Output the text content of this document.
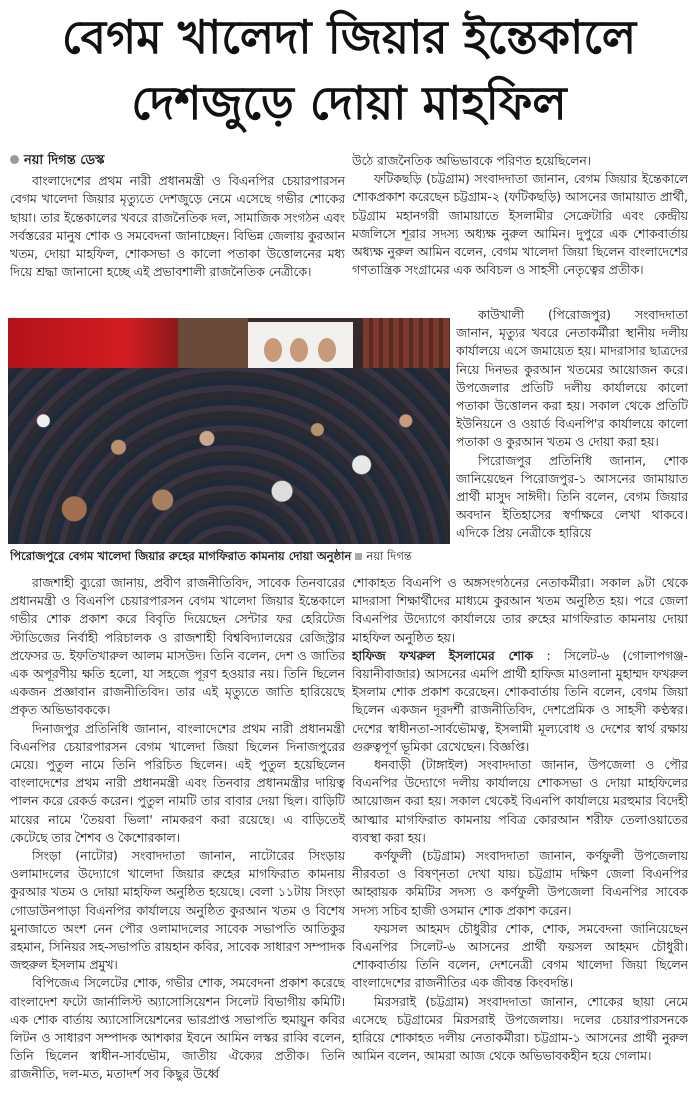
বেগম খালেদা জিয়ার ইন্তেকালে
দেশজুড়ে দোয়া মাহফিল
নয়া দিগন্ত ডেস্ক

বাংলাদেশের প্রথম নারী প্রধানমন্ত্রী ও বিএনপির চেয়ারপারসন বেগম খালেদা জিয়ার মৃত্যুতে দেশজুড়ে নেমে এসেছে গভীর শোকের ছায়া। তার ইন্তেকালের খবরে রাজনৈতিক দল, সামাজিক সংগঠন এবং সর্বস্তরের মানুষ শোক ও সমবেদনা জানাচ্ছেন। বিভিন্ন জেলায় কুরআন খতম, দোয়া মাহফিল, শোকসভা ও কালো পতাকা উত্তোলনের মধ্য দিয়ে শ্রদ্ধা জানানো হচ্ছে এই প্রভাবশালী রাজনৈতিক নেত্রীকে।

উঠে রাজনৈতিক অভিভাবকে পরিণত হয়েছিলেন।

ফটিকছড়ি (চট্টগ্রাম) সংবাদদাতা জানান, বেগম জিয়ার ইন্তেকালে শোকপ্রকাশ করেছেন চট্টগ্রাম-২ (ফটিকছড়ি) আসনের জামায়াত প্রার্থী, চট্টগ্রাম মহানগরী জামায়াতে ইসলামীর সেক্রেটারি এবং কেন্দ্রীয় মজলিসে শূরার সদস্য অধ্যক্ষ নুরুল আমিন। দুপুরে এক শোকবার্তায় অধ্যক্ষ নুরুল আমিন বলেন, বেগম খালেদা জিয়া ছিলেন বাংলাদেশের গণতান্ত্রিক সংগ্রামের এক অবিচল ও সাহসী নেতৃত্বের প্রতীক।

পিরোজপুরে বেগম খালেদা জিয়ার রুহের মাগফিরাত কামনায় দোয়া অনুষ্ঠান নয়া দিগন্ত

কাউখালী (পিরোজপুর) সংবাদদাতা জানান, মৃত্যুর খবরে নেতাকর্মীরা স্থানীয় দলীয় কার্যালয়ে এসে জমায়েত হয়। মাদরাসার ছাত্রদের নিয়ে দিনভর কুরআন খতমের আয়োজন করে। উপজেলার প্রতিটি দলীয় কার্যালয়ে কালো পতাকা উত্তোলন করা হয়। সকাল থেকে প্রতিটি ইউনিয়নে ও ওয়ার্ড বিএনপি'র কার্যালয়ে কালো পতাকা ও কুরআন খতম ও দোয়া করা হয়।

পিরোজপুর প্রতিনিধি জানান, শোক জানিয়েছেন পিরোজপুর-১ আসনের জামায়াত প্রার্থী মাসুদ সাঈদী। তিনি বলেন, বেগম জিয়ার অবদান ইতিহাসের স্বর্ণাক্ষরে লেখা থাকবে। এদিকে প্রিয় নেত্রীকে হারিয়ে

রাজশাহী ব্যুরো জানায়, প্রবীণ রাজনীতিবিদ, সাবেক তিনবারের প্রধানমন্ত্রী ও বিএনপি চেয়ারপারসন বেগম খালেদা জিয়ার ইন্তেকালে গভীর শোক প্রকাশ করে বিবৃতি দিয়েছেন সেন্টার ফর হেরিটেজ স্টাডিজের নির্বাহী পরিচালক ও রাজশাহী বিশ্ববিদ্যালয়ের রেজিস্ট্রার প্রফেসর ড. ইফতিখারুল আলম মাসউদ। তিনি বলেন, দেশ ও জাতির এক অপূরণীয় ক্ষতি হলো, যা সহজে পূরণ হওয়ার নয়। তিনি ছিলেন একজন প্রজ্ঞাবান রাজনীতিবিদ। তার এই মৃত্যুতে জাতি হারিয়েছে প্রকৃত অভিভাবককে।

দিনাজপুর প্রতিনিধি জানান, বাংলাদেশের প্রথম নারী প্রধানমন্ত্রী বিএনপির চেয়ারপারসন বেগম খালেদা জিয়া ছিলেন দিনাজপুরের মেয়ে। পুতুল নামে তিনি পরিচিত ছিলেন। এই পুতুল হয়েছিলেন বাংলাদেশের প্রথম নারী প্রধানমন্ত্রী এবং তিনবার প্রধানমন্ত্রীর দায়িত্ব পালন করে রেকর্ড করেন। পুতুল নামটি তার বাবার দেয়া ছিল। বাড়িটি মায়ের নামে 'তৈয়বা ভিলা' নামকরণ করা রয়েছে। এ বাড়িতেই কেটেছে তার শৈশব ও কৈশোরকাল।

সিংড়া (নাটোর) সংবাদদাতা জানান, নাটোরের সিংড়ায় ওলামাদলের উদ্যোগে খালেদা জিয়ার রুহের মাগফিরাত কামনায় কুরআর খতম ও দোয়া মাহফিল অনুষ্ঠিত হয়েছে। বেলা ১১টায় সিংড়া গোডাউনপাড়া বিএনপির কার্যালয়ে অনুষ্ঠিত কুরআন খতম ও বিশেষ মুনাজাতে অংশ নেন পৌর ওলামাদলের সাবেক সভাপতি আতিকুর রহমান, সিনিয়র সহ-সভাপতি রায়হান কবির, সাবেক সাধারণ সম্পাদক জহুরুল ইসলাম প্রমুখ।

বিপিজেএ সিলেটের শোক, গভীর শোক, সমবেদনা প্রকাশ করেছে বাংলাদেশ ফটো জার্নালিস্ট অ্যাসোসিয়েশন সিলেট বিভাগীয় কমিটি। এক শোক বার্তায় অ্যাসোসিয়েশনের ভারপ্রাপ্ত সভাপতি হুমায়ুন কবির লিটন ও সাধারণ সম্পাদক আশকার ইবনে আমিন লস্কর রাব্বি বলেন, তিনি ছিলেন স্বাধীন-সার্বভৌম, জাতীয় ঐক্যের প্রতীক। তিনি রাজনীতি, দল-মত, মতাদর্শ সব কিছুর উর্ধ্বে

শোকাহত বিএনপি ও অঙ্গসংগঠনের নেতাকর্মীরা। সকাল ৯টা থেকে মাদরাসা শিক্ষার্থীদের মাধ্যমে কুরআন খতম অনুষ্ঠিত হয়। পরে জেলা বিএনপির উদ্যোগে কার্যালয়ে তার রুহের মাগফিরাত কামনায় দোয়া মাহফিল অনুষ্ঠিত হয়।

হাফিজ ফখরুল ইসলামের শোক : সিলেট-৬ (গোলাপগঞ্জ-বিয়ানীবাজার) আসনের এমপি প্রার্থী হাফিজ মাওলানা মুহাম্মদ ফখরুল ইসলাম শোক প্রকাশ করেছেন। শোকবার্তায় তিনি বলেন, বেগম জিয়া ছিলেন একজন দূরদর্শী রাজনীতিবিদ, দেশপ্রেমিক ও সাহসী কণ্ঠস্বর। দেশের স্বাধীনতা-সার্বভৌমত্ব, ইসলামী মূল্যবোধ ও দেশের স্বার্থ রক্ষায় গুরুত্বপূর্ণ ভূমিকা রেখেছেন। বিজ্ঞপ্তি।

ধনবাড়ী (টাঙ্গাইল) সংবাদদাতা জানান, উপজেলা ও পৌর বিএনপির উদ্যোগে দলীয় কার্যালয়ে শোকসভা ও দোয়া মাহফিলের আয়োজন করা হয়। সকাল থেকেই বিএনপি কার্যালয়ে মরহুমার বিদেহী আত্মার মাগফিরাত কামনায় পবিত্র কোরআন শরীফ তেলাওয়াতের ব্যবস্থা করা হয়।

কর্ণফুলী (চট্টগ্রাম) সংবাদদাতা জানান, কর্ণফুলী উপজেলায় নীরবতা ও বিষণ্নতা দেখা যায়। চট্টগ্রাম দক্ষিণ জেলা বিএনপির আহ্বায়ক কমিটির সদস্য ও কর্ণফুলী উপজেলা বিএনপির সাবেক সদস্য সচিব হাজী ওসমান শোক প্রকাশ করেন।

ফয়সল আহমদ চৌধুরীর শোক, শোক, সমবেদনা জানিয়েছেন বিএনপির সিলেট-৬ আসনের প্রার্থী ফয়সল আহমদ চৌধুরী। শোকবার্তায় তিনি বলেন, দেশনেত্রী বেগম খালেদা জিয়া ছিলেন বাংলাদেশের রাজনীতির এক জীবন্ত কিংবদন্তি।

মিরসরাই (চট্টগ্রাম) সংবাদদাতা জানান, শোকের ছায়া নেমে এসেছে চট্টগ্রামের মিরসরাই উপজেলায়। দলের চেয়ারপারসনকে হারিয়ে শোকাহত দলীয় নেতাকর্মীরা। চট্টগ্রাম-১ আসনের প্রার্থী নুরুল আমিন বলেন, আমরা আজ থেকে অভিভাবকহীন হয়ে গেলাম।
